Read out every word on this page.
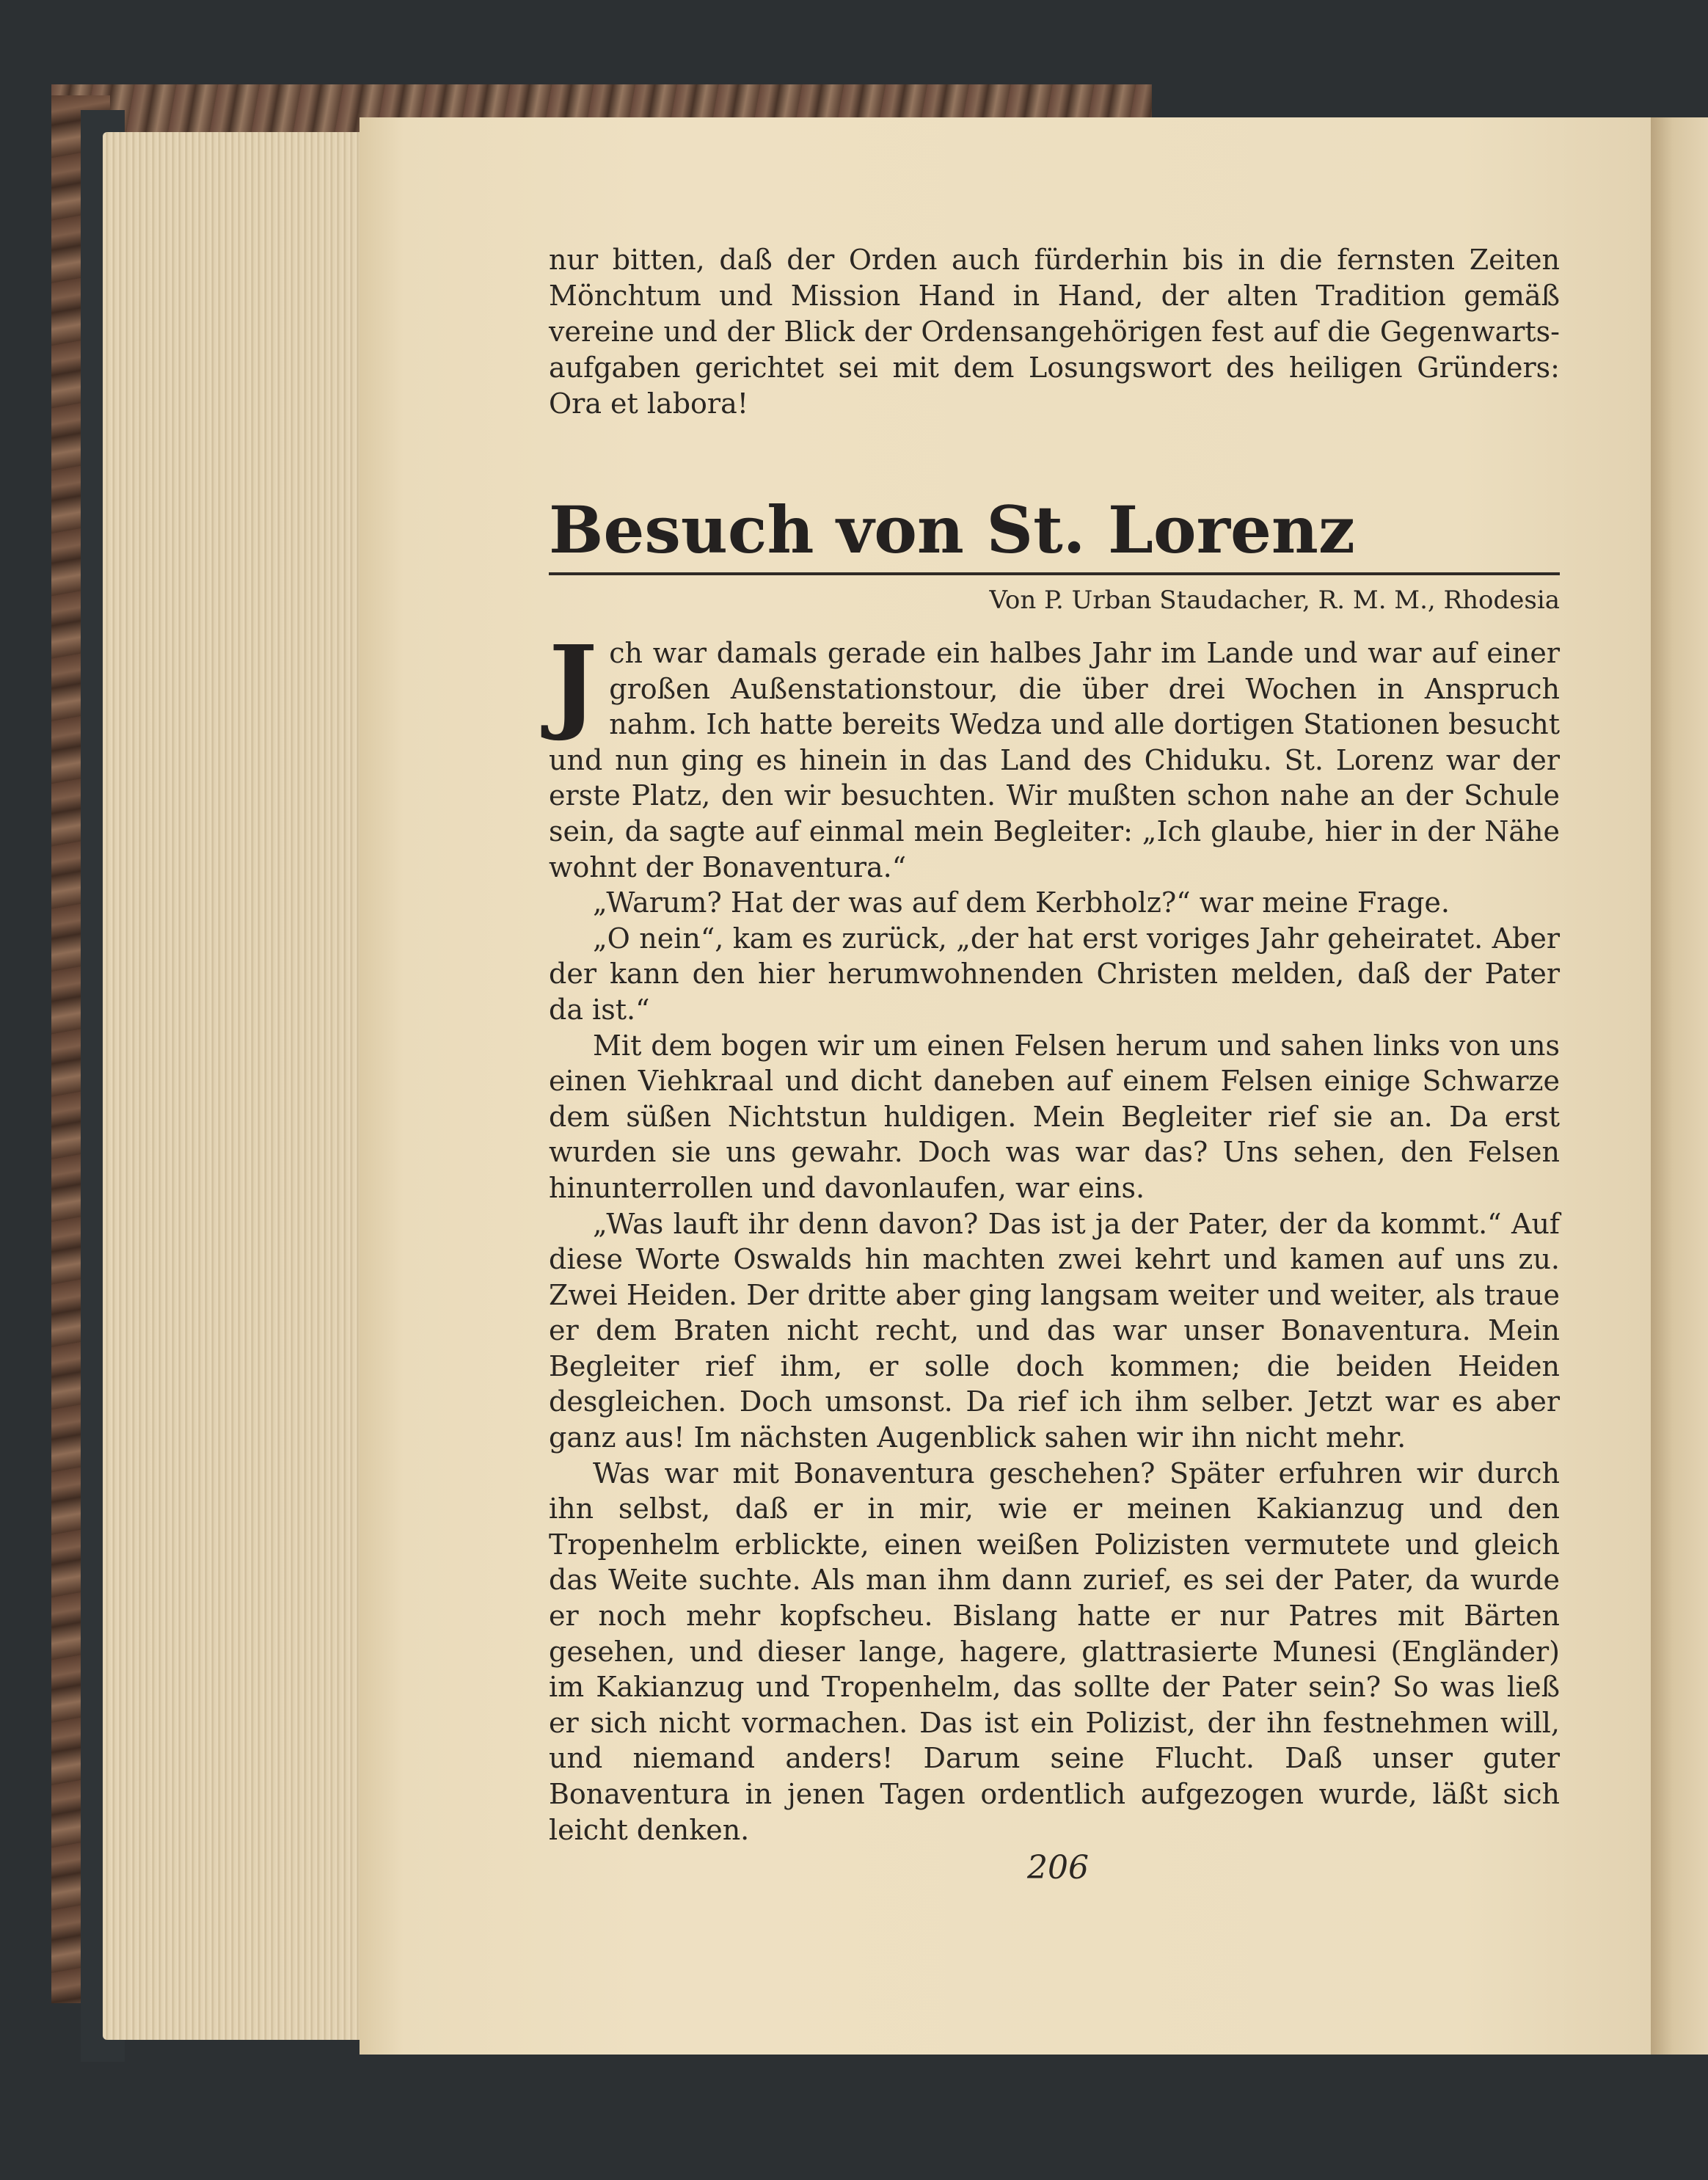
nur bitten, daß der Orden auch fürderhin bis in die fernsten Zeiten Mönchtum und Mission Hand in Hand, der alten Tradition gemäß vereine und der Blick der Ordensangehörigen fest auf die Gegenwarts-aufgaben gerichtet sei mit dem Losungswort des heiligen Gründers: Ora et labora!

Besuch von St. Lorenz
Von P. Urban Staudacher, R. M. M., Rhodesia

Jch war damals gerade ein halbes Jahr im Lande und war auf einer großen Außenstationstour, die über drei Wochen in Anspruch nahm. Ich hatte bereits Wedza und alle dortigen Stationen besucht und nun ging es hinein in das Land des Chiduku. St. Lorenz war der erste Platz, den wir besuchten. Wir mußten schon nahe an der Schule sein, da sagte auf einmal mein Begleiter: „Ich glaube, hier in der Nähe wohnt der Bonaventura.“

„Warum? Hat der was auf dem Kerbholz?“ war meine Frage.

„O nein“, kam es zurück, „der hat erst voriges Jahr geheiratet. Aber der kann den hier herumwohnenden Christen melden, daß der Pater da ist.“

Mit dem bogen wir um einen Felsen herum und sahen links von uns einen Viehkraal und dicht daneben auf einem Felsen einige Schwarze dem süßen Nichtstun huldigen. Mein Begleiter rief sie an. Da erst wurden sie uns gewahr. Doch was war das? Uns sehen, den Felsen hinunterrollen und davonlaufen, war eins.

„Was lauft ihr denn davon? Das ist ja der Pater, der da kommt.“ Auf diese Worte Oswalds hin machten zwei kehrt und kamen auf uns zu. Zwei Heiden. Der dritte aber ging langsam weiter und weiter, als traue er dem Braten nicht recht, und das war unser Bonaventura. Mein Begleiter rief ihm, er solle doch kommen; die beiden Heiden desgleichen. Doch umsonst. Da rief ich ihm selber. Jetzt war es aber ganz aus! Im nächsten Augenblick sahen wir ihn nicht mehr.

Was war mit Bonaventura geschehen? Später erfuhren wir durch ihn selbst, daß er in mir, wie er meinen Kakianzug und den Tropenhelm erblickte, einen weißen Polizisten vermutete und gleich das Weite suchte. Als man ihm dann zurief, es sei der Pater, da wurde er noch mehr kopfscheu. Bislang hatte er nur Patres mit Bärten gesehen, und dieser lange, hagere, glattrasierte Munesi (Engländer) im Kakianzug und Tropenhelm, das sollte der Pater sein? So was ließ er sich nicht vormachen. Das ist ein Polizist, der ihn festnehmen will, und niemand anders! Darum seine Flucht. Daß unser guter Bonaventura in jenen Tagen ordentlich aufgezogen wurde, läßt sich leicht denken.

206
